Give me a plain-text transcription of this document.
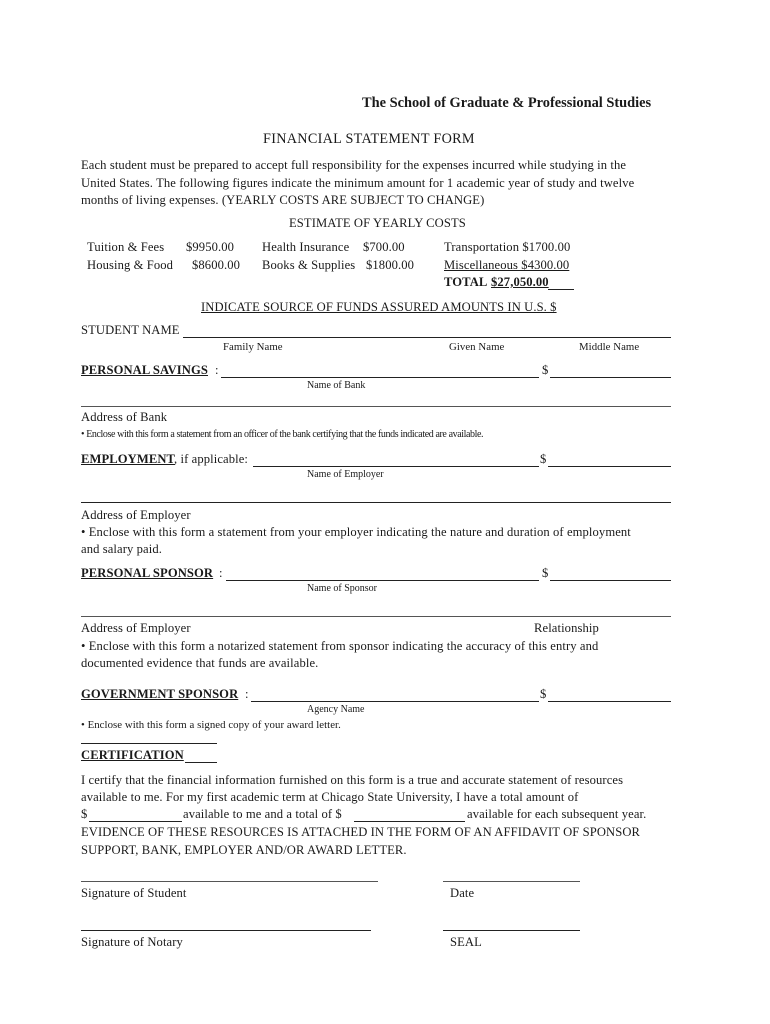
The School of Graduate & Professional Studies
FINANCIAL STATEMENT FORM
Each student must be prepared to accept full responsibility for the expenses incurred while studying in the
United States. The following figures indicate the minimum amount for 1 academic year of study and twelve
months of living expenses. (YEARLY COSTS ARE SUBJECT TO CHANGE)
ESTIMATE OF YEARLY COSTS
Tuition & Fees $9950.00 Health Insurance $700.00	Transportation $1700.00
Housing & Food $8600.00 Books & Supplies $1800.00 Miscellaneous $4300.00
TOTAL $27,050.00
INDICATE SOURCE OF FUNDS ASSURED AMOUNTS IN U.S. $
STUDENT NAME
Family Name	Given Name	Middle Name
PERSONAL SAVINGS :	$
Name of Bank
Address of Bank
• Enclose with this form a statement from an officer of the bank certifying that the funds indicated are available.
EMPLOYMENT
, if applicable:	$
Name of Employer
Address of Employer
• Enclose with this form a statement from your employer indicating the nature and duration of employment
and salary paid.
PERSONAL SPONSOR :	$
Name of Sponsor
Address of Employer	Relationship
• Enclose with this form a notarized statement from sponsor indicating the accuracy of this entry and
documented evidence that funds are available.
GOVERNMENT SPONSOR :	$
Agency Name
• Enclose with this form a signed copy of your award letter.
CERTIFICATION
I certify that the financial information furnished on this form is a true and accurate statement of resources
available to me. For my first academic term at Chicago State University, I have a total amount of
$	available to me and a total of $	available for each subsequent year.
EVIDENCE OF THESE RESOURCES IS ATTACHED IN THE FORM OF AN AFFIDAVIT OF SPONSOR
SUPPORT, BANK, EMPLOYER AND/OR AWARD LETTER.
Signature of Student	Date
Signature of Notary	SEAL
